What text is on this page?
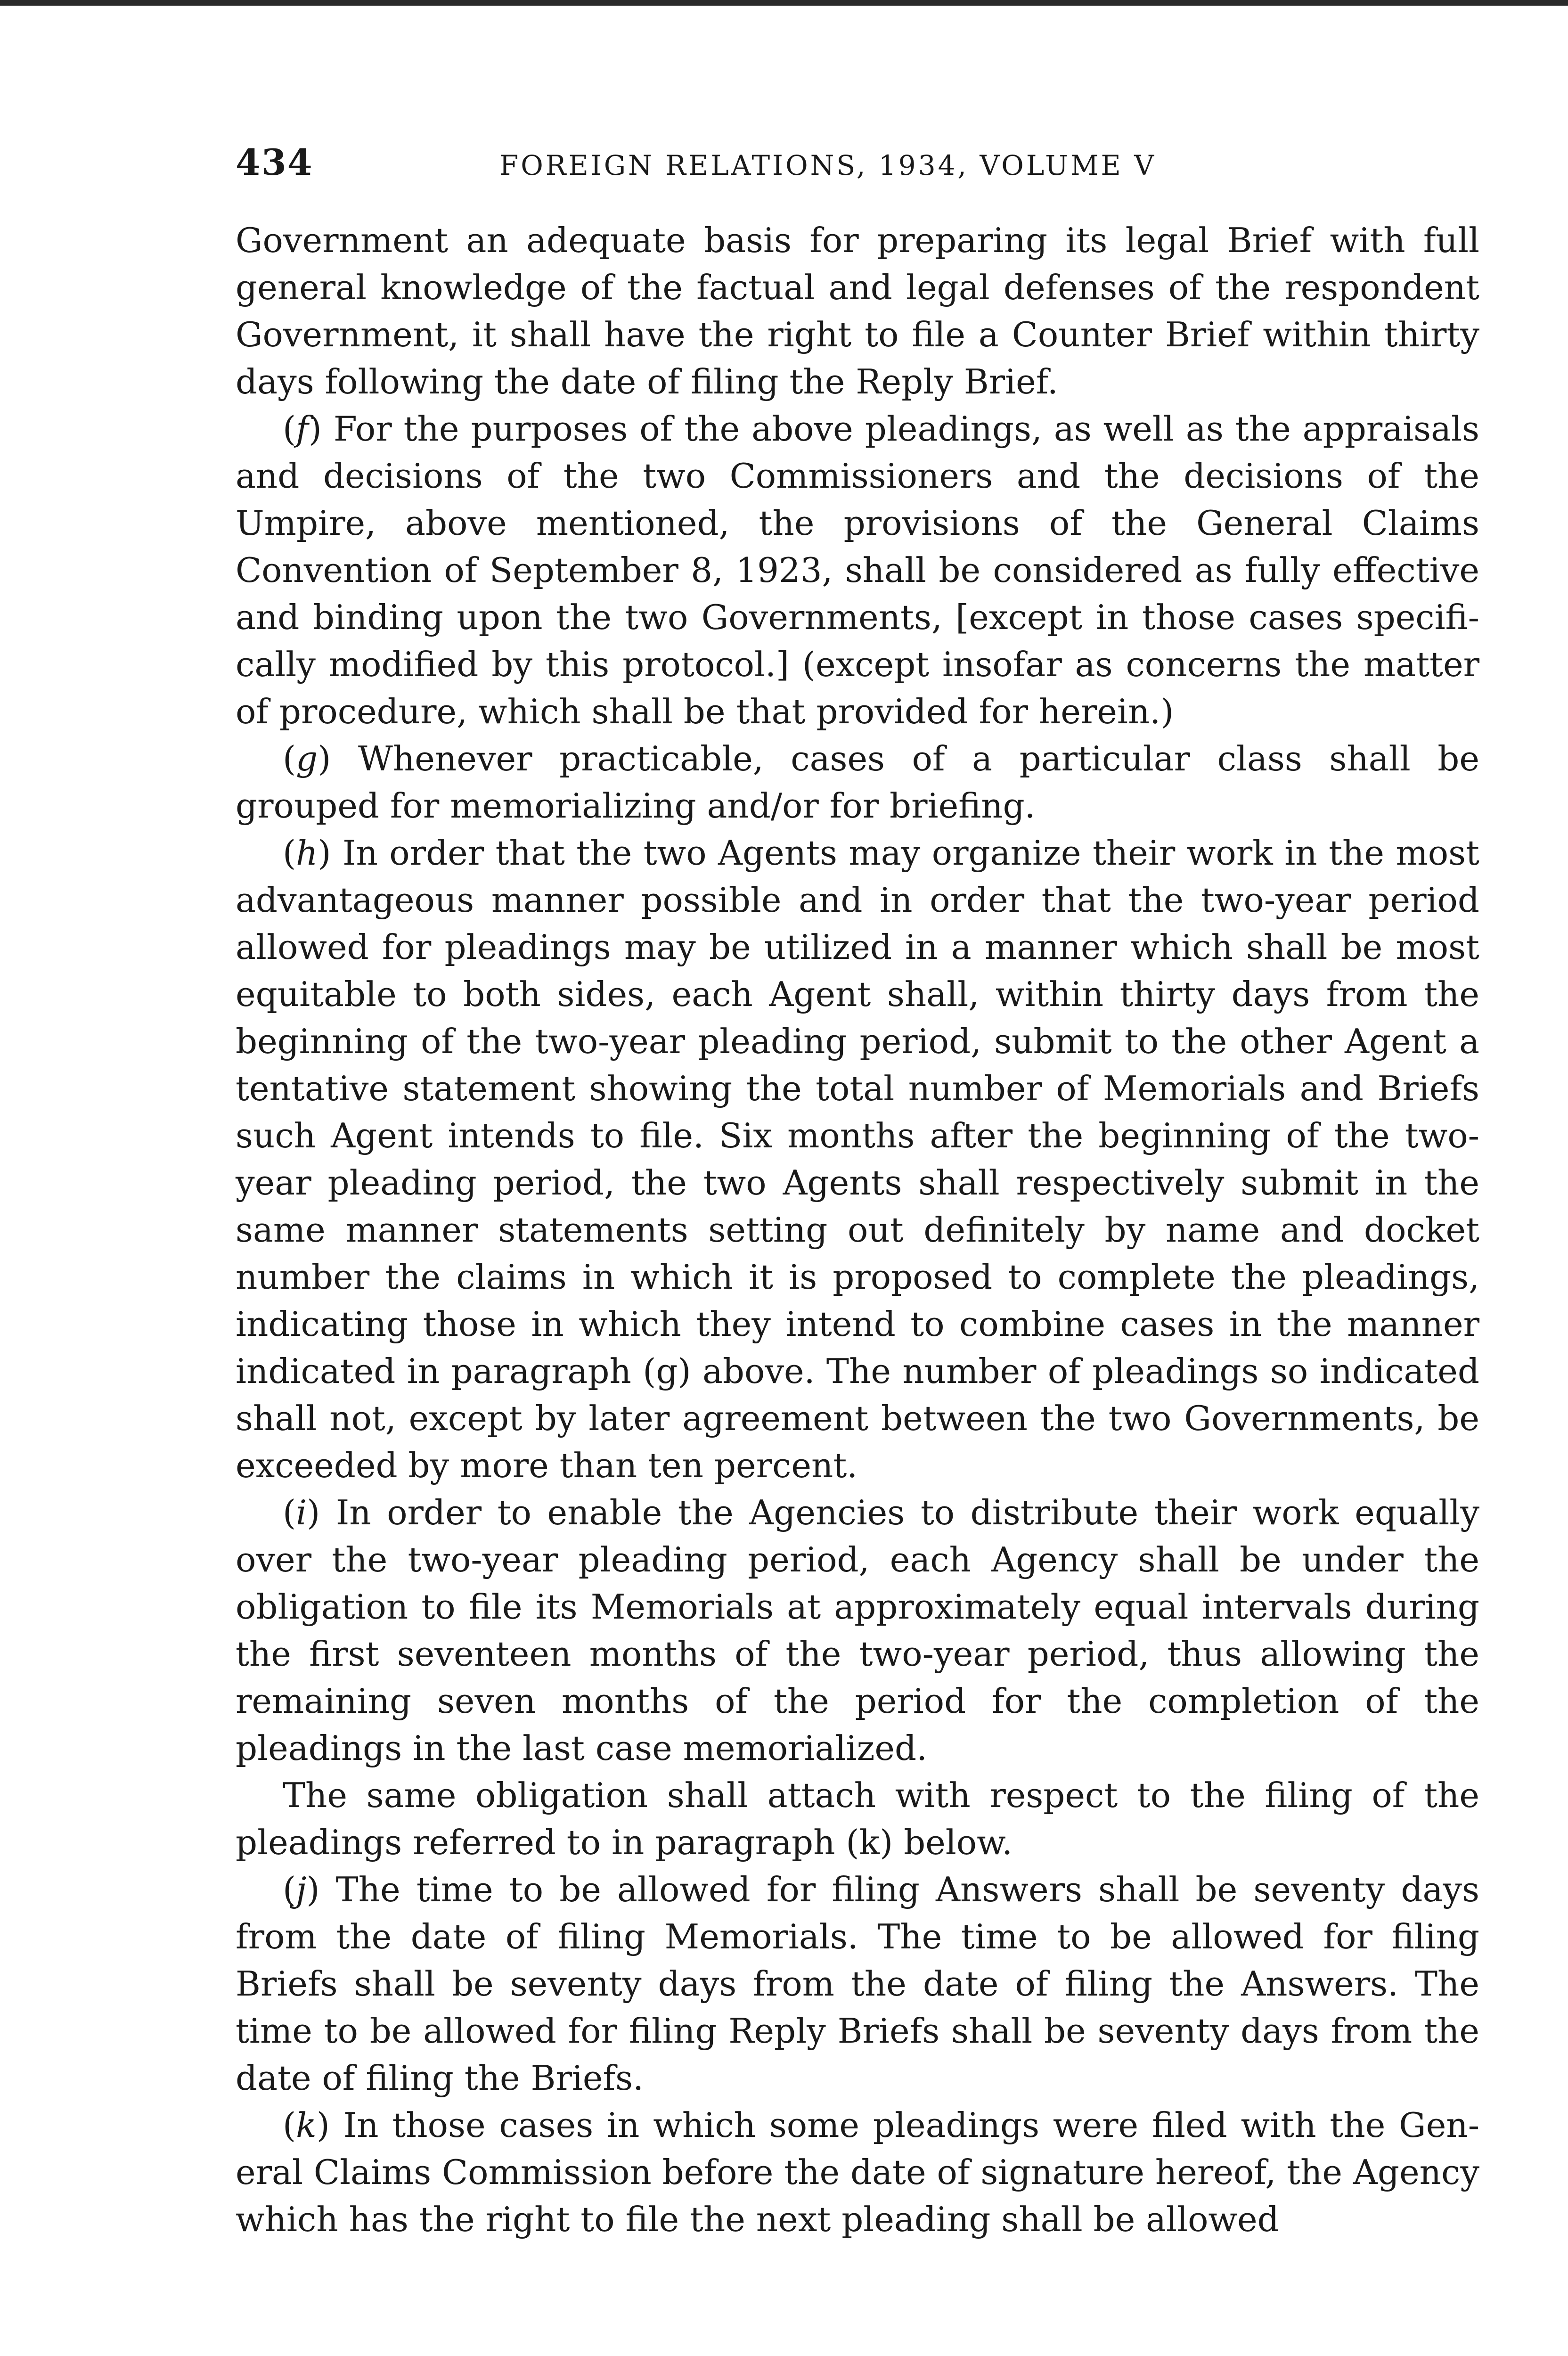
434	FOREIGN RELATIONS, 1934, VOLUME V

Government an adequate basis for preparing its legal Brief with full general knowledge of the factual and legal defenses of the respondent Government, it shall have the right to file a Counter Brief within thirty days following the date of filing the Reply Brief.

(f) For the purposes of the above pleadings, as well as the appraisals and decisions of the two Commissioners and the decisions of the Umpire, above mentioned, the provisions of the General Claims Convention of September 8, 1923, shall be considered as fully effective and binding upon the two Governments, [except in those cases specifically modified by this protocol.] (except insofar as concerns the matter of procedure, which shall be that provided for herein.)

(g) Whenever practicable, cases of a particular class shall be grouped for memorializing and/or for briefing.

(h) In order that the two Agents may organize their work in the most advantageous manner possible and in order that the two-year period allowed for pleadings may be utilized in a manner which shall be most equitable to both sides, each Agent shall, within thirty days from the beginning of the two-year pleading period, submit to the other Agent a tentative statement showing the total number of Memorials and Briefs such Agent intends to file. Six months after the beginning of the two-year pleading period, the two Agents shall respectively submit in the same manner statements setting out definitely by name and docket number the claims in which it is proposed to complete the pleadings, indicating those in which they intend to combine cases in the manner indicated in paragraph (g) above. The number of pleadings so indicated shall not, except by later agreement between the two Governments, be exceeded by more than ten percent.

(i) In order to enable the Agencies to distribute their work equally over the two-year pleading period, each Agency shall be under the obligation to file its Memorials at approximately equal intervals during the first seventeen months of the two-year period, thus allowing the remaining seven months of the period for the completion of the pleadings in the last case memorialized.

The same obligation shall attach with respect to the filing of the pleadings referred to in paragraph (k) below.

(j) The time to be allowed for filing Answers shall be seventy days from the date of filing Memorials. The time to be allowed for filing Briefs shall be seventy days from the date of filing the Answers. The time to be allowed for filing Reply Briefs shall be seventy days from the date of filing the Briefs.

(k) In those cases in which some pleadings were filed with the General Claims Commission before the date of signature hereof, the Agency which has the right to file the next pleading shall be allowed
